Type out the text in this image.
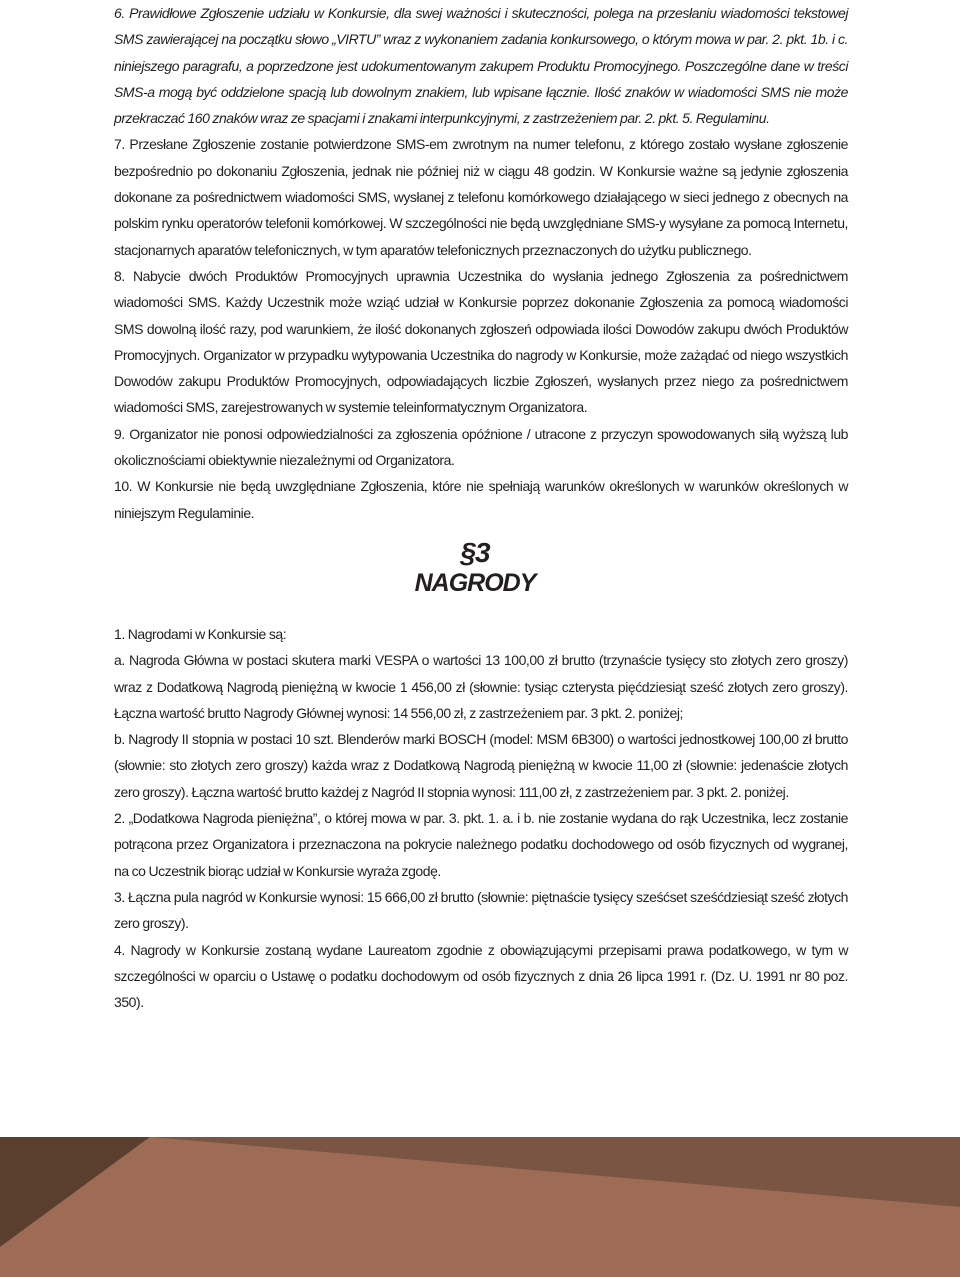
6. Prawidłowe Zgłoszenie udziału w Konkursie, dla swej ważności i skuteczności, polega na przesłaniu wiadomości tekstowej SMS zawierającej na początku słowo „VIRTU” wraz z wykonaniem zadania konkursowego, o którym mowa w par. 2. pkt. 1b. i c. niniejszego paragrafu, a poprzedzone jest udokumentowanym zakupem Produktu Promocyjnego. Poszczególne dane w treści SMS-a mogą być oddzielone spacją lub dowolnym znakiem, lub wpisane łącznie. Ilość znaków w wiadomości SMS nie może przekraczać 160 znaków wraz ze spacjami i znakami interpunkcyjnymi, z zastrzeżeniem par. 2. pkt. 5. Regulaminu.

7. Przesłane Zgłoszenie zostanie potwierdzone SMS-em zwrotnym na numer telefonu, z którego zostało wysłane zgłoszenie bezpośrednio po dokonaniu Zgłoszenia, jednak nie później niż w ciągu 48 godzin. W Konkursie ważne są jedynie zgłoszenia dokonane za pośrednictwem wiadomości SMS, wysłanej z telefonu komórkowego działającego w sieci jednego z obecnych na polskim rynku operatorów telefonii komórkowej. W szczególności nie będą uwzględniane SMS-y wysyłane za pomocą Internetu, stacjonarnych aparatów telefonicznych, w tym aparatów telefonicznych przeznaczonych do użytku publicznego.

8. Nabycie dwóch Produktów Promocyjnych uprawnia Uczestnika do wysłania jednego Zgłoszenia za pośrednictwem wiadomości SMS. Każdy Uczestnik może wziąć udział w Konkursie poprzez dokonanie Zgłoszenia za pomocą wiadomości SMS dowolną ilość razy, pod warunkiem, że ilość dokonanych zgłoszeń odpowiada ilości Dowodów zakupu dwóch Produktów Promocyjnych. Organizator w przypadku wytypowania Uczestnika do nagrody w Konkursie, może zażądać od niego wszystkich Dowodów zakupu Produktów Promocyjnych, odpowiadających liczbie Zgłoszeń, wysłanych przez niego za pośrednictwem wiadomości SMS, zarejestrowanych w systemie teleinformatycznym Organizatora.

9. Organizator nie ponosi odpowiedzialności za zgłoszenia opóźnione / utracone z przyczyn spowodowanych siłą wyższą lub okolicznościami obiektywnie niezależnymi od Organizatora.

10. W Konkursie nie będą uwzględniane Zgłoszenia, które nie spełniają warunków określonych w warunków określonych w niniejszym Regulaminie.

§3
NAGRODY

1. Nagrodami w Konkursie są:

a. Nagroda Główna w postaci skutera marki VESPA o wartości 13 100,00 zł brutto (trzynaście tysięcy sto złotych zero groszy) wraz z Dodatkową Nagrodą pieniężną w kwocie 1 456,00 zł (słownie: tysiąc czterysta pięćdziesiąt sześć złotych zero groszy). Łączna wartość brutto Nagrody Głównej wynosi: 14 556,00 zł, z zastrzeżeniem par. 3 pkt. 2. poniżej;

b. Nagrody II stopnia w postaci 10 szt. Blenderów marki BOSCH (model: MSM 6B300) o wartości jednostkowej 100,00 zł brutto (słownie: sto złotych zero groszy) każda wraz z Dodatkową Nagrodą pieniężną w kwocie 11,00 zł (słownie: jedenaście złotych zero groszy). Łączna wartość brutto każdej z Nagród II stopnia wynosi: 111,00 zł, z zastrzeżeniem par. 3 pkt. 2. poniżej.

2. „Dodatkowa Nagroda pieniężna”, o której mowa w par. 3. pkt. 1. a. i b. nie zostanie wydana do rąk Uczestnika, lecz zostanie potrącona przez Organizatora i przeznaczona na pokrycie należnego podatku dochodowego od osób fizycznych od wygranej, na co Uczestnik biorąc udział w Konkursie wyraża zgodę.

3. Łączna pula nagród w Konkursie wynosi: 15 666,00 zł brutto (słownie: piętnaście tysięcy sześćset sześćdziesiąt sześć złotych zero groszy).

4. Nagrody w Konkursie zostaną wydane Laureatom zgodnie z obowiązującymi przepisami prawa podatkowego, w tym w szczególności w oparciu o Ustawę o podatku dochodowym od osób fizycznych z dnia 26 lipca 1991 r. (Dz. U. 1991 nr 80 poz. 350).
